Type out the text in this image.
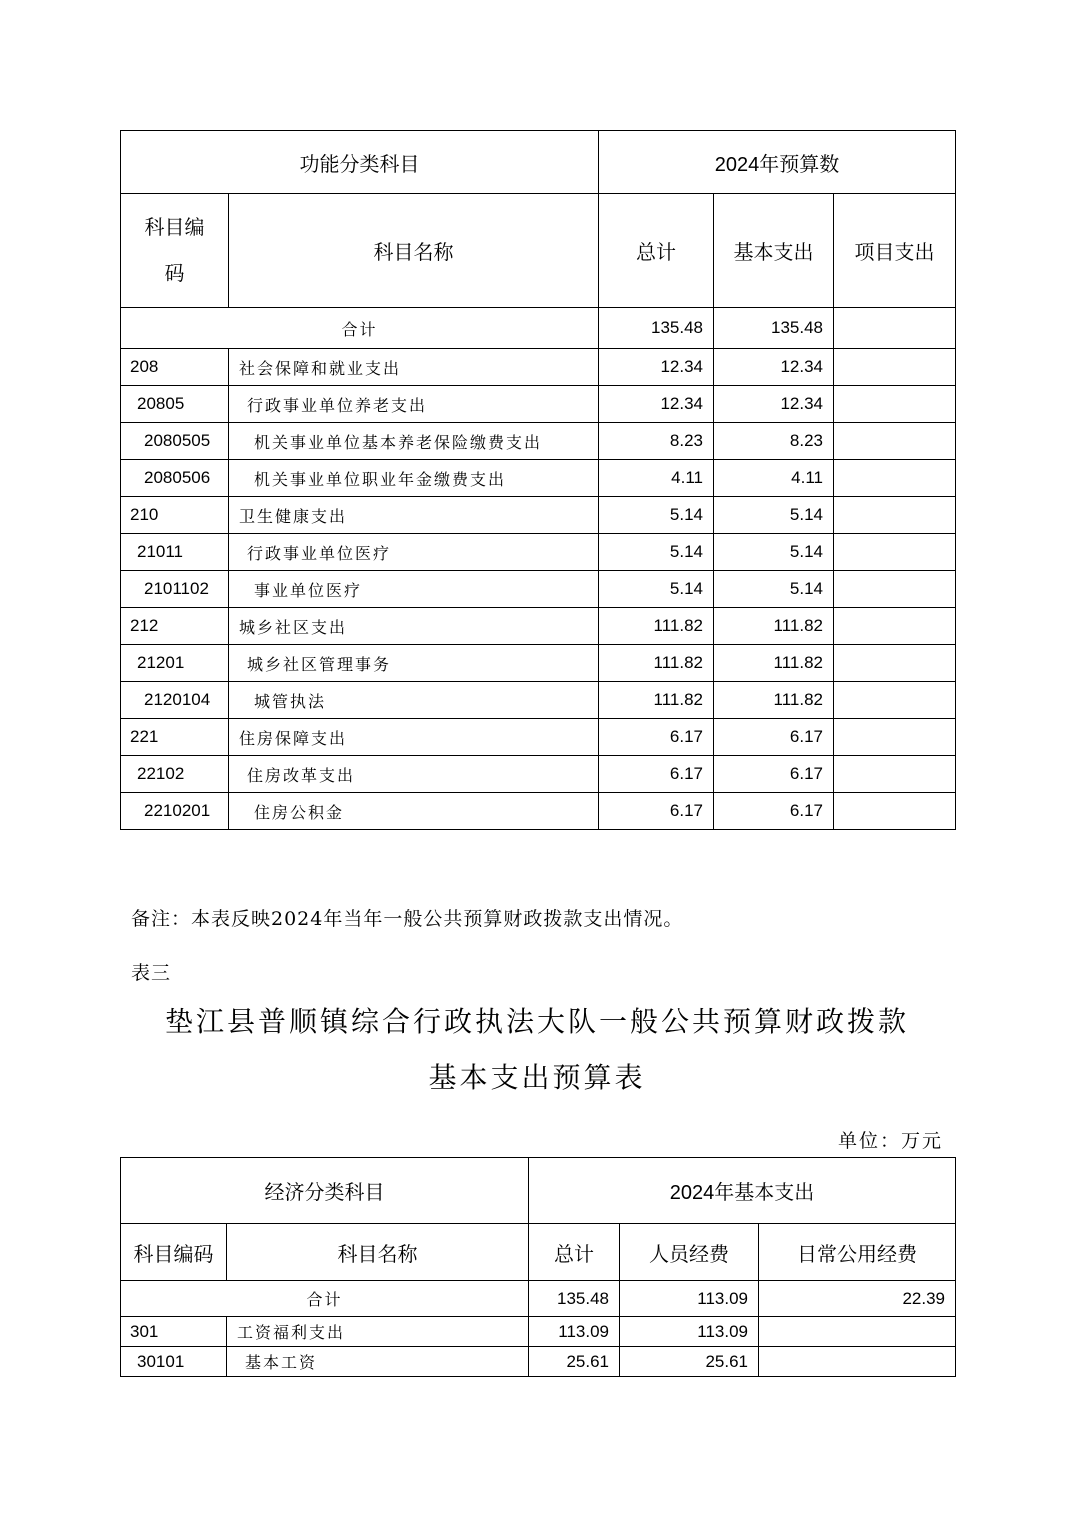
功能分类科目		2024年预算数		

科目编
码	科目名称	总计	基本支出	项目支出
合计		135.48	135.48	
208	社会保障和就业支出	12.34	12.34	
20805	行政事业单位养老支出	12.34	12.34	
2080505	机关事业单位基本养老保险缴费支出	8.23	8.23	
2080506	机关事业单位职业年金缴费支出	4.11	4.11	
210	卫生健康支出	5.14	5.14	
21011	行政事业单位医疗	5.14	5.14	
2101102	事业单位医疗	5.14	5.14	
212	城乡社区支出	111.82	111.82	
21201	城乡社区管理事务	111.82	111.82	
2120104	城管执法	111.82	111.82	
221	住房保障支出	6.17	6.17	
22102	住房改革支出	6.17	6.17	
2210201	住房公积金	6.17	6.17	
备注：本表反映2024年当年一般公共预算财政拨款支出情况。
表三
垫江县普顺镇综合行政执法大队一般公共预算财政拨款
基本支出预算表
单位：万元
经济分类科目		2024年基本支出		
科目编码	科目名称	总计	人员经费	日常公用经费
合计		135.48	113.09	22.39
301	工资福利支出	113.09	113.09	
30101	基本工资	25.61	25.61	
